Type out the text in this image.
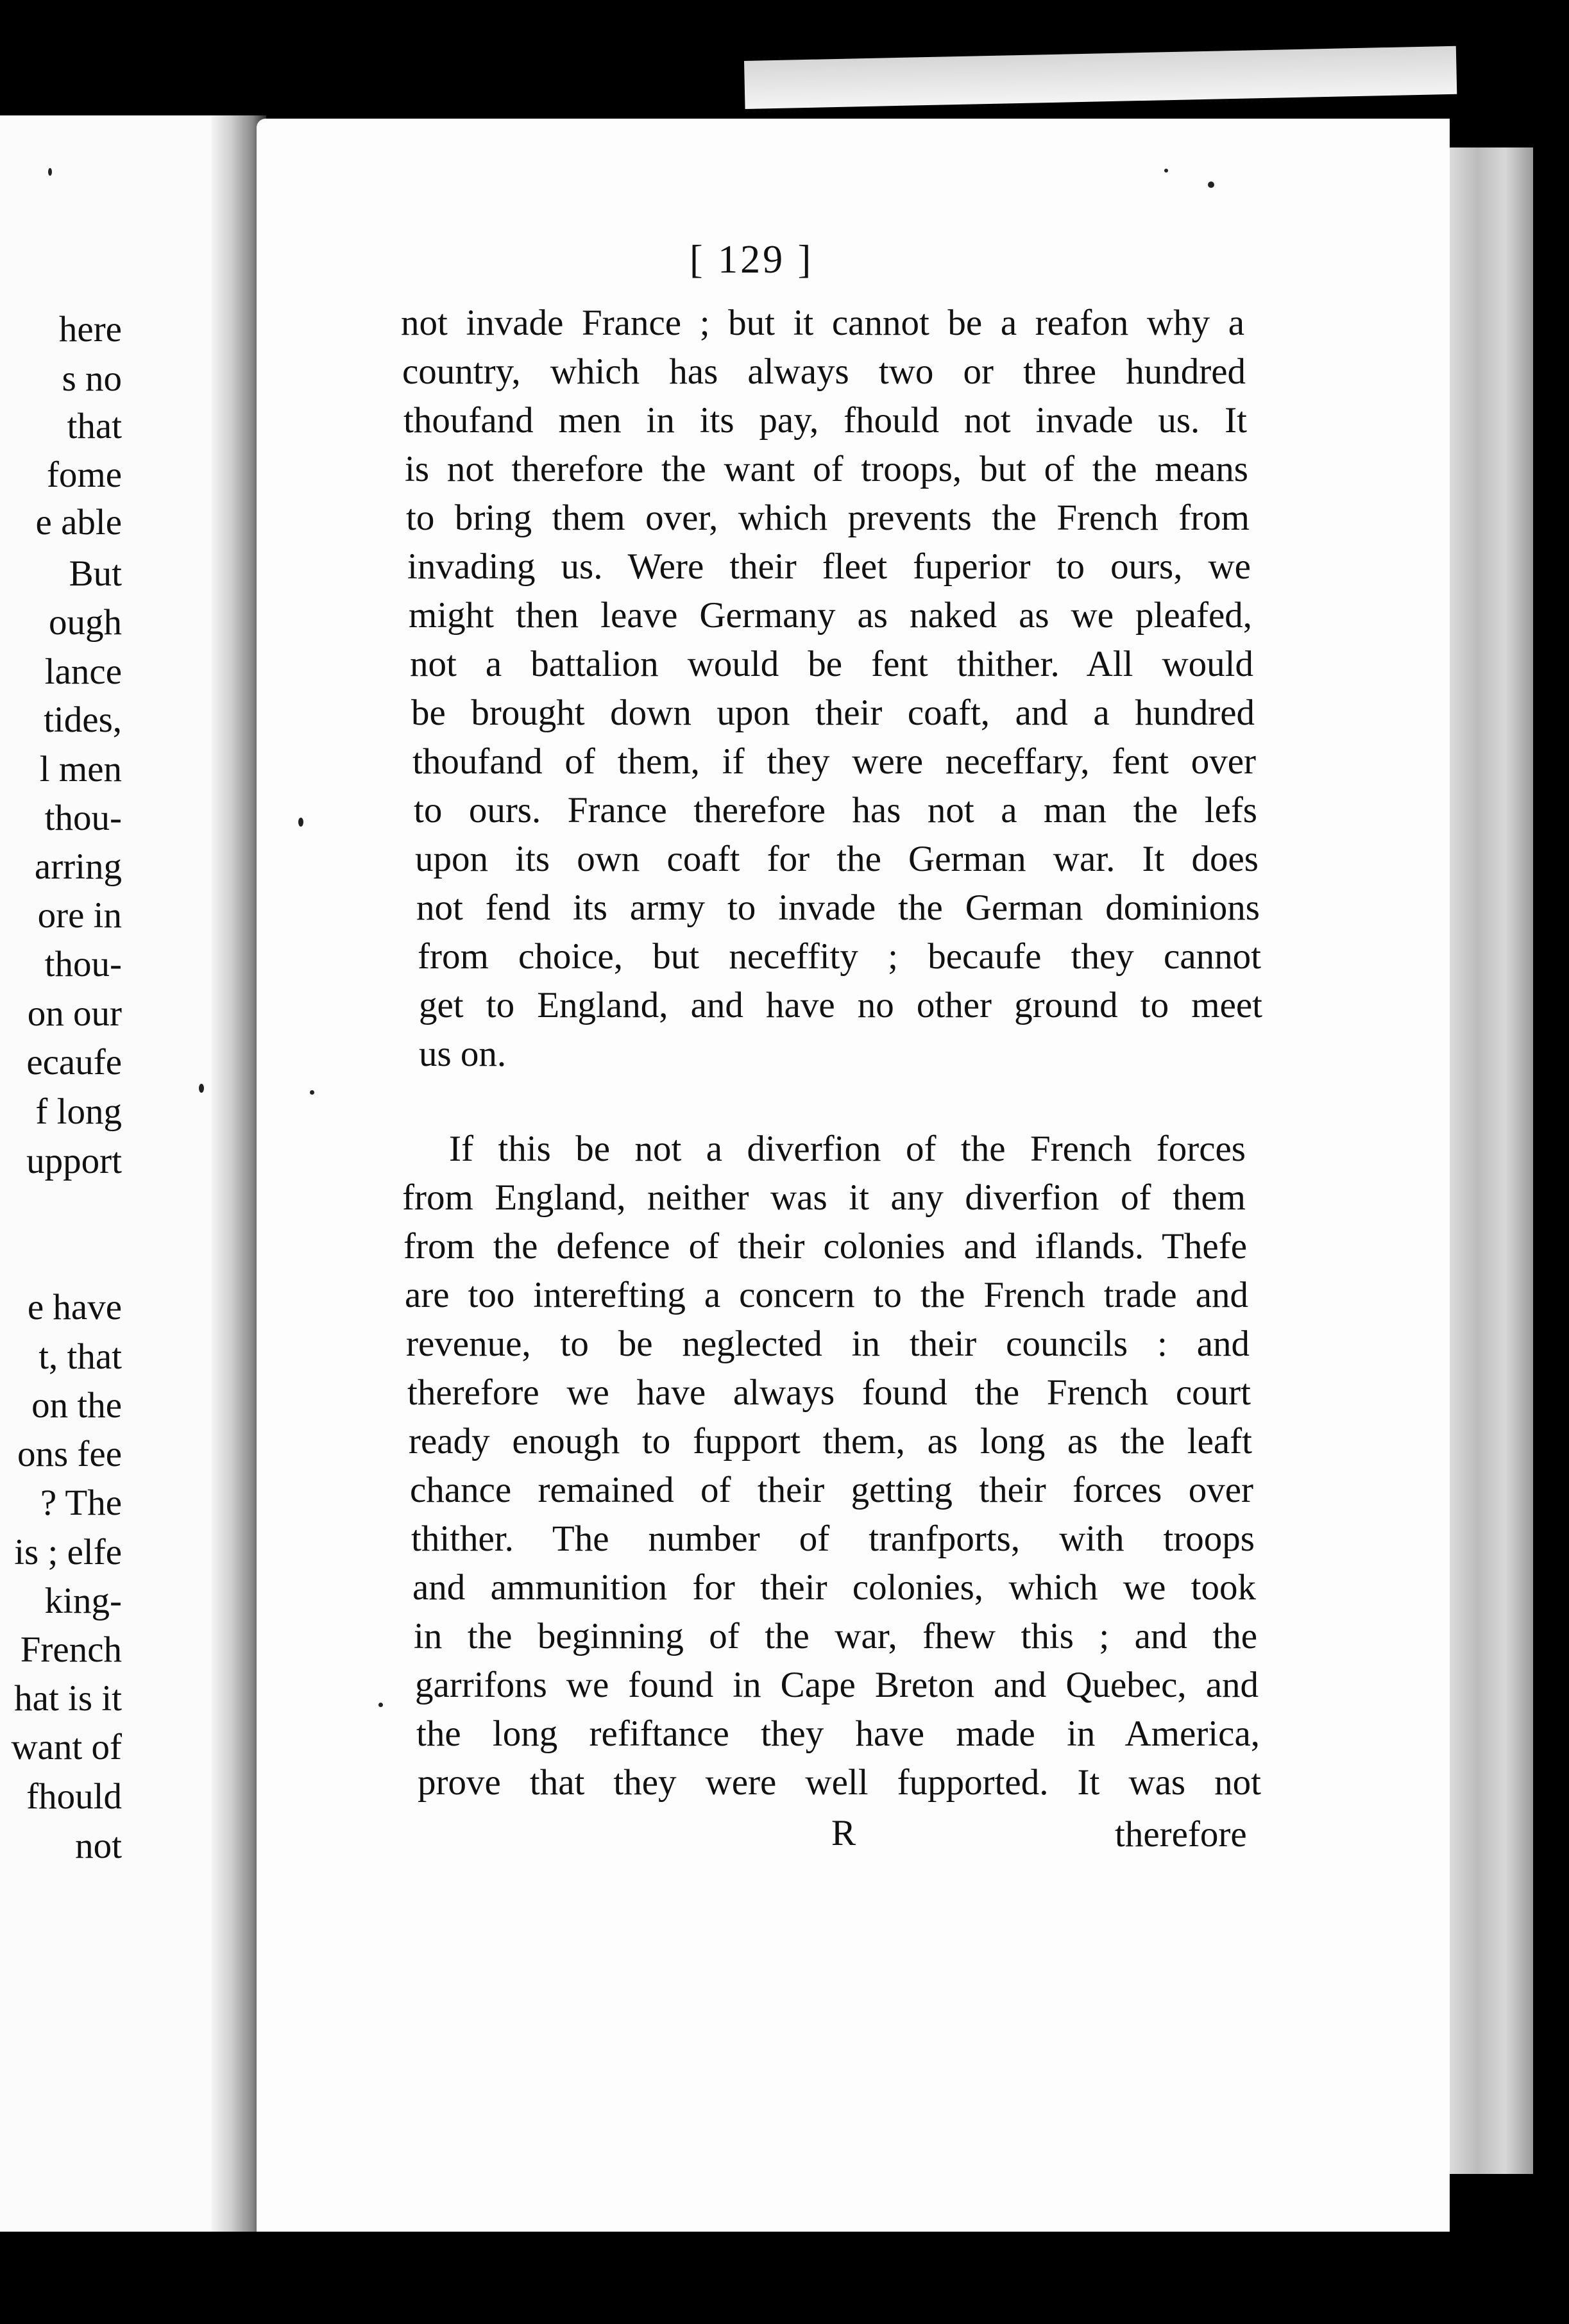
here
s no
that
fome
e able
But
ough
lance
tides,
l men
thou-
arring
ore in
thou-
on our
ecaufe
f long
upport
e have
t, that
on the
ons fee
? The
is ; elfe
king-
French
hat is it
want of
fhould
not
[ 129 ]
not invade France ; but it cannot be a reafon why a
country, which has always two or three hundred
thoufand men in its pay, fhould not invade us. It
is not therefore the want of troops, but of the means
to bring them over, which prevents the French from
invading us. Were their fleet fuperior to ours, we
might then leave Germany as naked as we pleafed,
not a battalion would be fent thither. All would
be brought down upon their coaft, and a hundred
thoufand of them, if they were neceffary, fent over
to ours. France therefore has not a man the lefs
upon its own coaft for the German war. It does
not fend its army to invade the German dominions
from choice, but neceffity ; becaufe they cannot
get to England, and have no other ground to meet
us on.
If this be not a diverfion of the French forces
from England, neither was it any diverfion of them
from the defence of their colonies and iflands. Thefe
are too interefting a concern to the French trade and
revenue, to be neglected in their councils : and
therefore we have always found the French court
ready enough to fupport them, as long as the leaft
chance remained of their getting their forces over
thither. The number of tranfports, with troops
and ammunition for their colonies, which we took
in the beginning of the war, fhew this ; and the
garrifons we found in Cape Breton and Quebec, and
the long refiftance they have made in America,
prove that they were well fupported. It was not
R	therefore
